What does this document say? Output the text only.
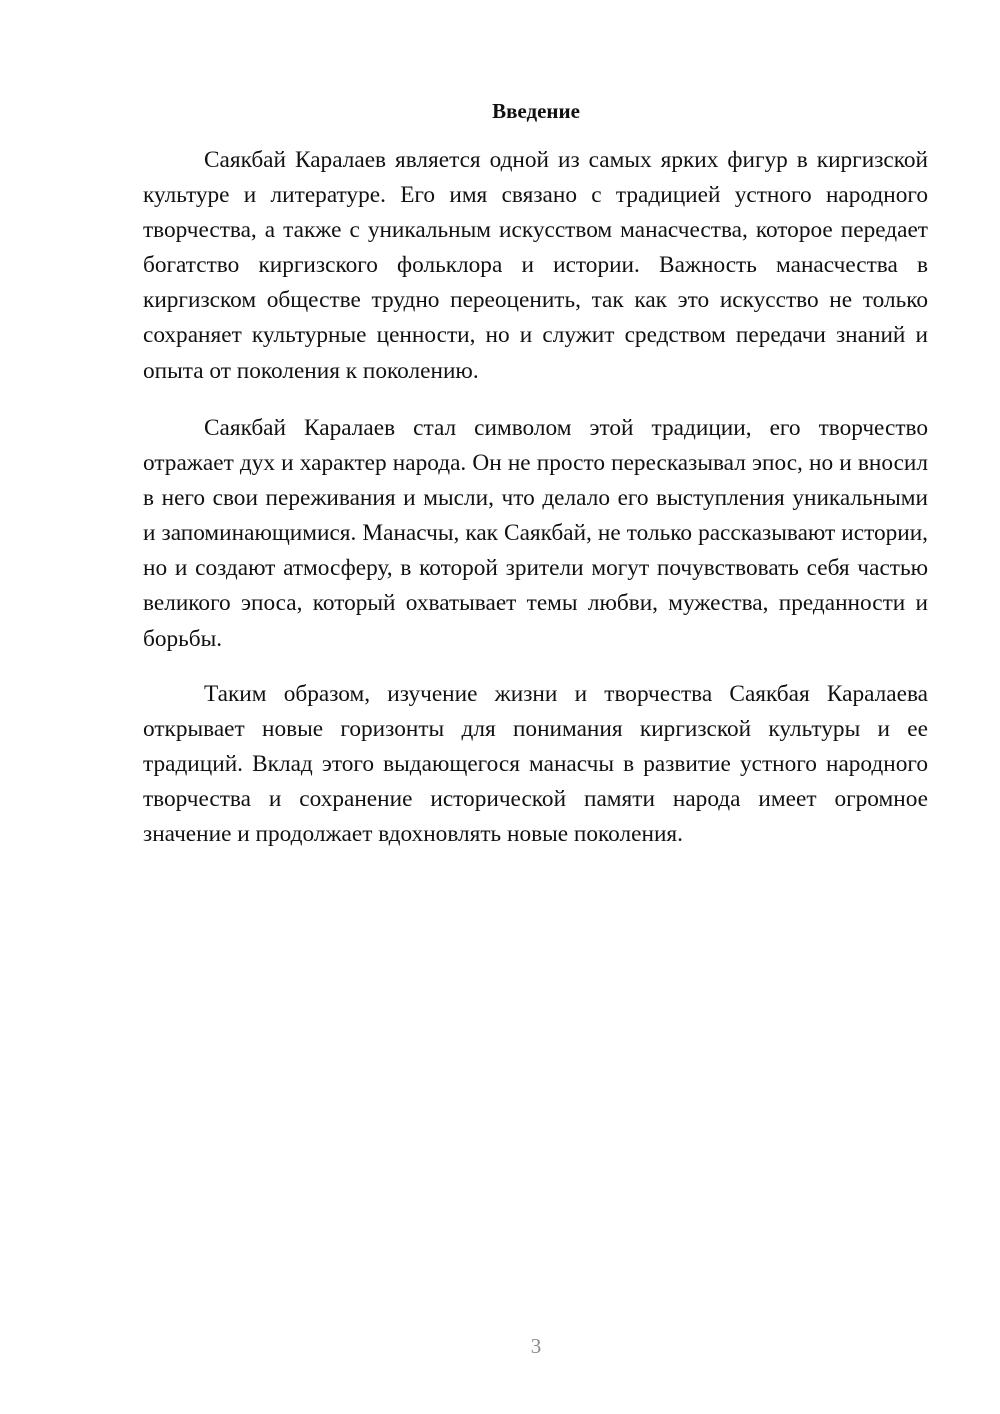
Введение

Саякбай Каралаев является одной из самых ярких фигур в киргизской культуре и литературе. Его имя связано с традицией устного народного творчества, а также с уникальным искусством манасчества, которое передает богатство киргизского фольклора и истории. Важность манасчества в киргизском обществе трудно переоценить, так как это искусство не только сохраняет культурные ценности, но и служит средством передачи знаний и опыта от поколения к поколению.

Саякбай Каралаев стал символом этой традиции, его творчество отражает дух и характер народа. Он не просто пересказывал эпос, но и вносил в него свои переживания и мысли, что делало его выступления уникальными и запоминающимися. Манасчы, как Саякбай, не только рассказывают истории, но и создают атмосферу, в которой зрители могут почувствовать себя частью великого эпоса, который охватывает темы любви, мужества, преданности и борьбы.

Таким образом, изучение жизни и творчества Саякбая Каралаева открывает новые горизонты для понимания киргизской культуры и ее традиций. Вклад этого выдающегося манасчы в развитие устного народного творчества и сохранение исторической памяти народа имеет огромное значение и продолжает вдохновлять новые поколения.

3
